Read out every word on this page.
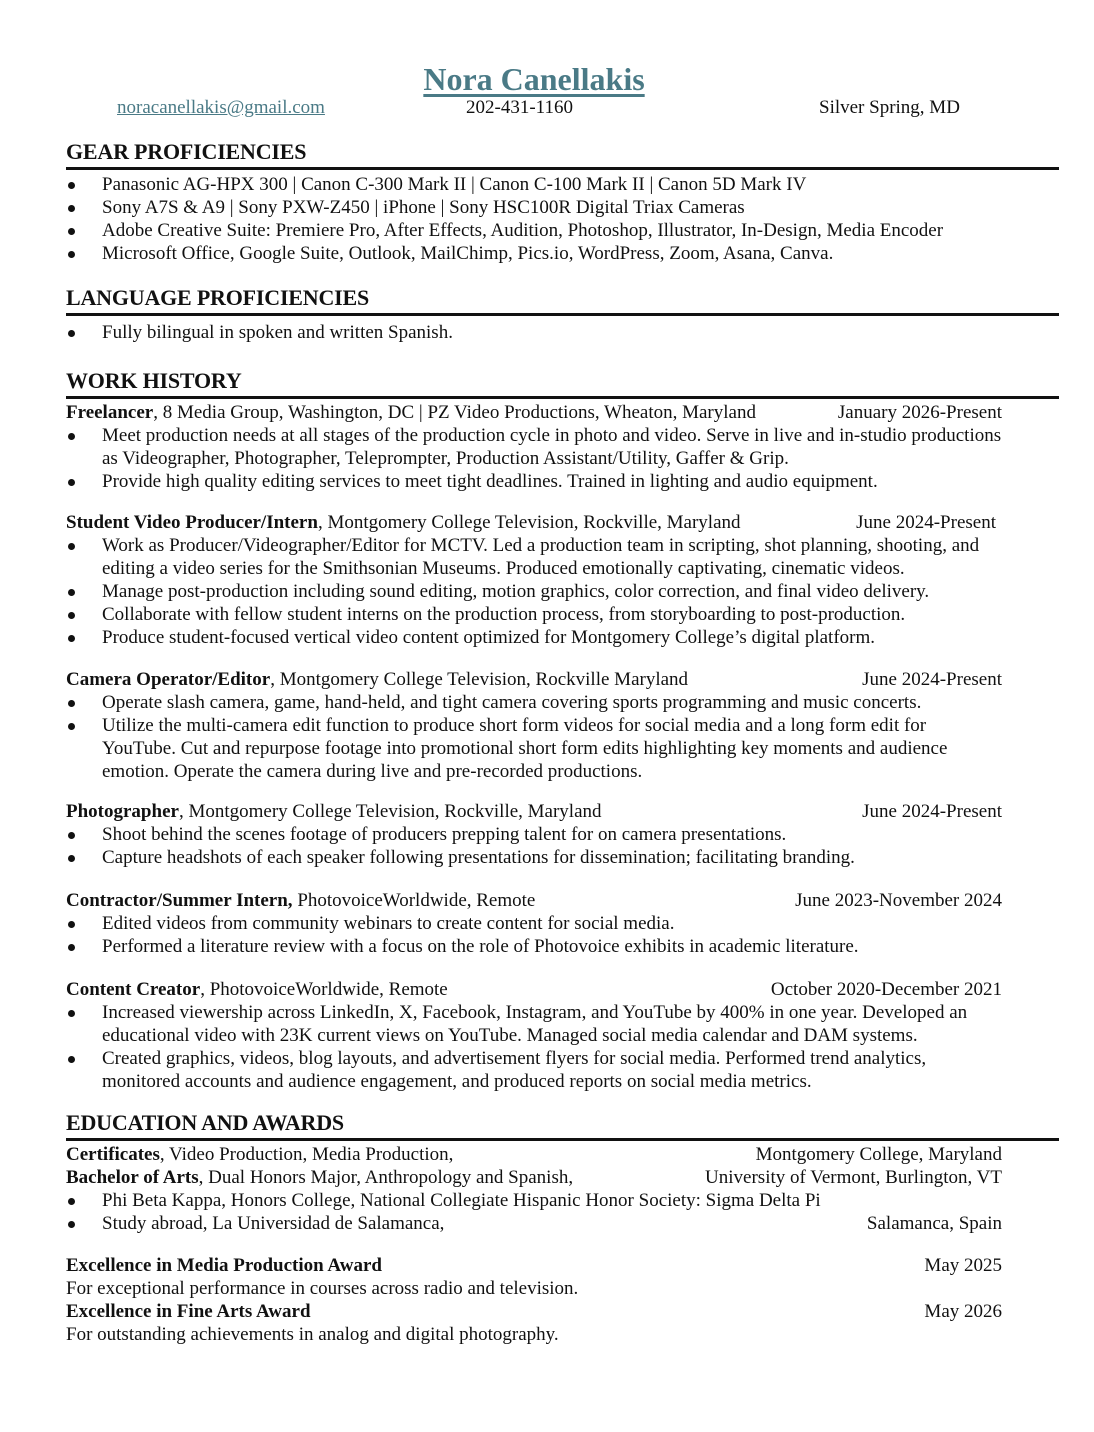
Nora Canellakis
noracanellakis@gmail.com	202-431-1160	Silver Spring, MD
GEAR PROFICIENCIES
Panasonic AG-HPX 300 | Canon C-300 Mark II | Canon C-100 Mark II | Canon 5D Mark IV
Sony A7S & A9 | Sony PXW-Z450 | iPhone | Sony HSC100R Digital Triax Cameras
Adobe Creative Suite: Premiere Pro, After Effects, Audition, Photoshop, Illustrator, In-Design, Media Encoder
Microsoft Office, Google Suite, Outlook, MailChimp, Pics.io, WordPress, Zoom, Asana, Canva.
LANGUAGE PROFICIENCIES
Fully bilingual in spoken and written Spanish.
WORK HISTORY
Freelancer, 8 Media Group, Washington, DC | PZ Video Productions, Wheaton, Maryland	January 2026-Present
Meet production needs at all stages of the production cycle in photo and video. Serve in live and in-studio productions as Videographer, Photographer, Teleprompter, Production Assistant/Utility, Gaffer & Grip.
Provide high quality editing services to meet tight deadlines. Trained in lighting and audio equipment.
Student Video Producer/Intern, Montgomery College Television, Rockville, Maryland	June 2024-Present
Work as Producer/Videographer/Editor for MCTV. Led a production team in scripting, shot planning, shooting, and editing a video series for the Smithsonian Museums. Produced emotionally captivating, cinematic videos.
Manage post-production including sound editing, motion graphics, color correction, and final video delivery.
Collaborate with fellow student interns on the production process, from storyboarding to post-production.
Produce student-focused vertical video content optimized for Montgomery College’s digital platform.
Camera Operator/Editor, Montgomery College Television, Rockville Maryland	June 2024-Present
Operate slash camera, game, hand-held, and tight camera covering sports programming and music concerts.
Utilize the multi-camera edit function to produce short form videos for social media and a long form edit for YouTube. Cut and repurpose footage into promotional short form edits highlighting key moments and audience emotion. Operate the camera during live and pre-recorded productions.
Photographer, Montgomery College Television, Rockville, Maryland	June 2024-Present
Shoot behind the scenes footage of producers prepping talent for on camera presentations.
Capture headshots of each speaker following presentations for dissemination; facilitating branding.
Contractor/Summer Intern, PhotovoiceWorldwide, Remote	June 2023-November 2024
Edited videos from community webinars to create content for social media.
Performed a literature review with a focus on the role of Photovoice exhibits in academic literature.
Content Creator, PhotovoiceWorldwide, Remote	October 2020-December 2021
Increased viewership across LinkedIn, X, Facebook, Instagram, and YouTube by 400% in one year. Developed an educational video with 23K current views on YouTube. Managed social media calendar and DAM systems.
Created graphics, videos, blog layouts, and advertisement flyers for social media. Performed trend analytics, monitored accounts and audience engagement, and produced reports on social media metrics.
EDUCATION AND AWARDS
Certificates, Video Production, Media Production,	Montgomery College, Maryland
Bachelor of Arts, Dual Honors Major, Anthropology and Spanish,	University of Vermont, Burlington, VT
Phi Beta Kappa, Honors College, National Collegiate Hispanic Honor Society: Sigma Delta Pi
Study abroad, La Universidad de Salamanca,	Salamanca, Spain
Excellence in Media Production Award	May 2025
For exceptional performance in courses across radio and television.
Excellence in Fine Arts Award	May 2026
For outstanding achievements in analog and digital photography.
